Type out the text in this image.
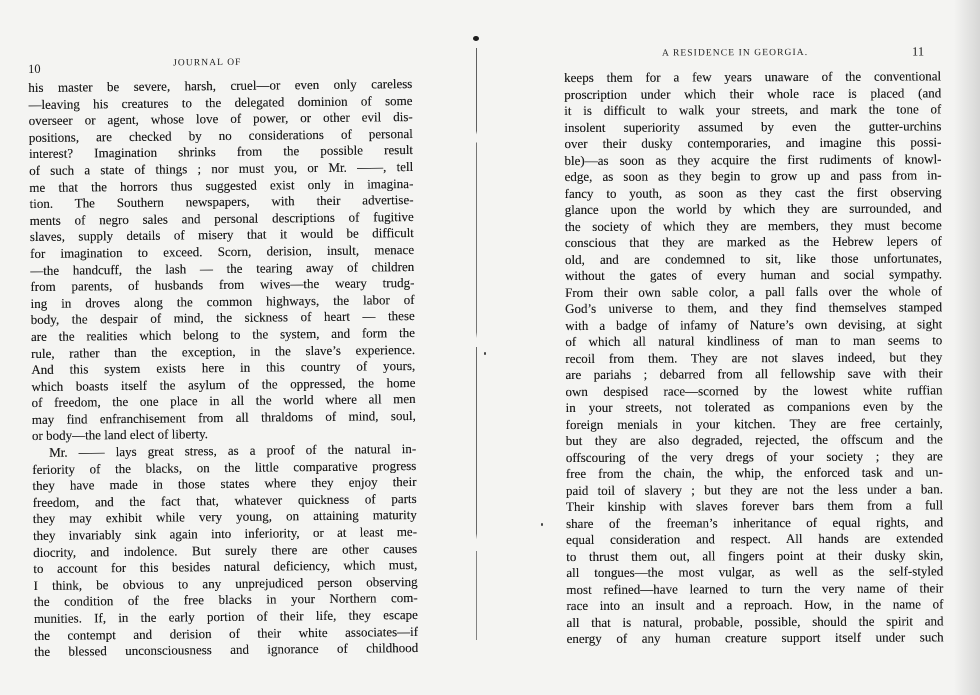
10	JOURNAL OF
his master be severe, harsh, cruel—or even only careless
—leaving his creatures to the delegated dominion of some
overseer or agent, whose love of power, or other evil dis-
positions, are checked by no considerations of personal
interest? Imagination shrinks from the possible result
of such a state of things ; nor must you, or Mr. ——, tell
me that the horrors thus suggested exist only in imagina-
tion. The Southern newspapers, with their advertise-
ments of negro sales and personal descriptions of fugitive
slaves, supply details of misery that it would be difficult
for imagination to exceed. Scorn, derision, insult, menace
—the handcuff, the lash — the tearing away of children
from parents, of husbands from wives—the weary trudg-
ing in droves along the common highways, the labor of
body, the despair of mind, the sickness of heart — these
are the realities which belong to the system, and form the
rule, rather than the exception, in the slave’s experience.
And this system exists here in this country of yours,
which boasts itself the asylum of the oppressed, the home
of freedom, the one place in all the world where all men
may find enfranchisement from all thraldoms of mind, soul,
or body—the land elect of liberty.
Mr. —— lays great stress, as a proof of the natural in-
feriority of the blacks, on the little comparative progress
they have made in those states where they enjoy their
freedom, and the fact that, whatever quickness of parts
they may exhibit while very young, on attaining maturity
they invariably sink again into inferiority, or at least me-
diocrity, and indolence. But surely there are other causes
to account for this besides natural deficiency, which must,
I think, be obvious to any unprejudiced person observing
the condition of the free blacks in your Northern com-
munities. If, in the early portion of their life, they escape
the contempt and derision of their white associates—if
the blessed unconsciousness and ignorance of childhood
A RESIDENCE IN GEORGIA.	11
keeps them for a few years unaware of the conventional
proscription under which their whole race is placed (and
it is difficult to walk your streets, and mark the tone of
insolent superiority assumed by even the gutter-urchins
over their dusky contemporaries, and imagine this possi-
ble)—as soon as they acquire the first rudiments of knowl-
edge, as soon as they begin to grow up and pass from in-
fancy to youth, as soon as they cast the first observing
glance upon the world by which they are surrounded, and
the society of which they are members, they must become
conscious that they are marked as the Hebrew lepers of
old, and are condemned to sit, like those unfortunates,
without the gates of every human and social sympathy.
From their own sable color, a pall falls over the whole of
God’s universe to them, and they find themselves stamped
with a badge of infamy of Nature’s own devising, at sight
of which all natural kindliness of man to man seems to
recoil from them. They are not slaves indeed, but they
are pariahs ; debarred from all fellowship save with their
own despised race—scorned by the lowest white ruffian
in your streets, not tolerated as companions even by the
foreign menials in your kitchen. They are free certainly,
but they are also degraded, rejected, the offscum and the
offscouring of the very dregs of your society ; they are
free from the chain, the whip, the enforced task and un-
paid toil of slavery ; but they are not the less under a ban.
Their kinship with slaves forever bars them from a full
share of the freeman’s inheritance of equal rights, and
equal consideration and respect. All hands are extended
to thrust them out, all fingers point at their dusky skin,
all tongues—the most vulgar, as well as the self-styled
most refined—have learned to turn the very name of their
race into an insult and a reproach. How, in the name of
all that is natural, probable, possible, should the spirit and
energy of any human creature support itself under such
